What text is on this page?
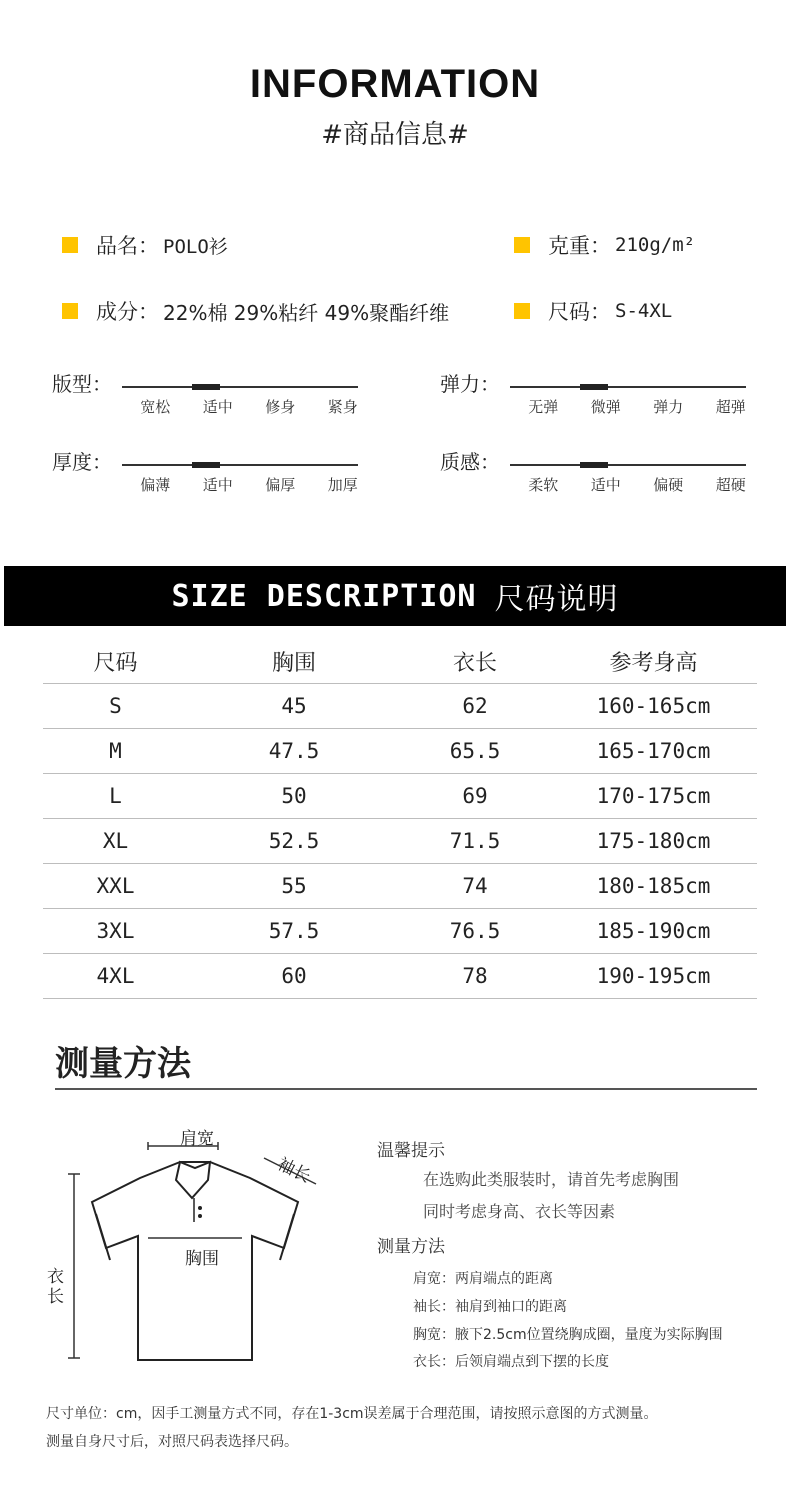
INFORMATION
#商品信息#
品名： POLO衫	克重： 210g/m²
成分： 22%棉 29%粘纤 49%聚酯纤维	尺码： S-4XL
版型：
宽松	适中	修身	紧身
弹力：
无弹	微弹	弹力	超弹
厚度：
偏薄	适中	偏厚	加厚
质感：
柔软	适中	偏硬	超硬
SIZE DESCRIPTION 尺码说明
尺码	胸围	衣长	参考身高
S	45	62	160-165cm
M	47.5	65.5	165-170cm
L	50	69	170-175cm
XL	52.5	71.5	175-180cm
XXL	55	74	180-185cm
3XL	57.5	76.5	185-190cm
4XL	60	78	190-195cm
测量方法
肩宽
袖长
胸围
衣
长
温馨提示
在选购此类服装时，请首先考虑胸围
同时考虑身高、衣长等因素
测量方法
肩宽：两肩端点的距离
袖长：袖肩到袖口的距离
胸宽：腋下2.5cm位置绕胸成圈，量度为实际胸围
衣长：后领肩端点到下摆的长度
尺寸单位：cm，因手工测量方式不同，存在1-3cm误差属于合理范围，请按照示意图的方式测量。
测量自身尺寸后，对照尺码表选择尺码。
